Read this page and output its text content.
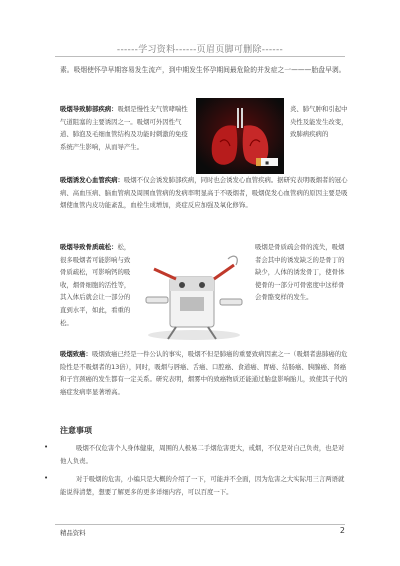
------学习资料------页眉页脚可删除------
素。吸烟使怀孕早期容易发生流产，到中期发生怀孕期间最危险的并发症之一———胎盘早剥。
吸烟导致肺部疾病：吸烟是慢性支气管哮喘性气道阻塞的主要诱因之一。吸烟可外因性气道、肺泡及毛细血管结构及功能时刺激的免疫系统产生影响，从而导产生。
■
炎、肺气肿和引起中央性及能发生改变，致肺病疾病的
吸烟诱发心血管疾病：吸烟不仅会诱发肺部疾病，同时也会诱发心血管疾病。据研究表明吸烟者的冠心病、高血压病、脑血管病及周围血管病的发病率明显高于不吸烟者，吸烟促发心血管病的原因主要是吸烟使血管内皮功能紊乱，血栓生成增加，炎症反应加强及氧化修饰。
吸烟导致骨质疏松：松，很多吸烟者可能影响与致骨质疏松，可影响钙的吸收，烟骨细胞的活性等，其入体后就会让一部分的直到水平，如此，看重的松。
吸烟是骨质疏会骨的流失，吸烟者会其中的诱发缺乏的是骨丁的缺少，人体的诱发骨丁，使骨体使骨的一部分可骨密度中这样骨会骨骼变样的发生。
吸烟致癌：吸烟致癌已经是一件公认的事实，吸烟不但是肺癌的重要致病因素之一（吸烟者患肺癌的危险性是不吸烟者的13倍），同时，吸烟与唇癌、舌癌、口腔癌、食道癌、胃癌、结肠癌、胰腺癌、肾癌和子宫颈癌的发生都有一定关系。研究表明，烟雾中的致癌物质还能通过胎盘影响胎儿，致使其子代的癌症发病率显著增高。
注意事项
•	吸烟不仅危害个人身体健康，周围的人极易二手烟危害更大，戒烟，不仅是对自己负责，也是对他人负责。
•	对于吸烟的危害，小编只是大概的介绍了一下，可能并不全面，因为危害之大实际用三言两语就能说得清楚，想要了解更多的更多详细内容，可以百度一下。
精品资料	2
